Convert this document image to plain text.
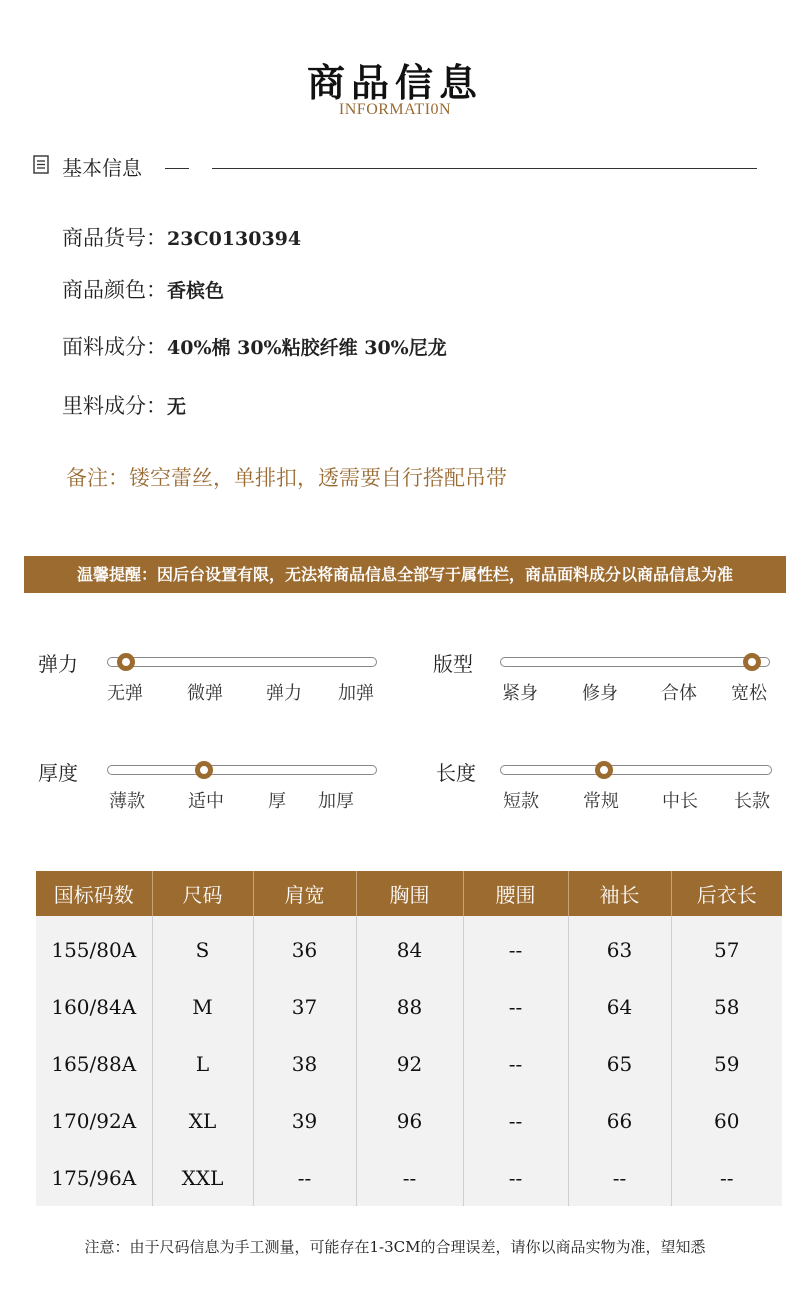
商品信息
INFORMATI0N
基本信息
商品货号：23C0130394
商品颜色：香槟色
面料成分：40%棉 30%粘胶纤维 30%尼龙
里料成分：无
备注：镂空蕾丝，单排扣，透需要自行搭配吊带
温馨提醒：因后台设置有限，无法将商品信息全部写于属性栏，商品面料成分以商品信息为准
弹力
无弹 微弹 弹力 加弹
版型
紧身 修身 合体 宽松
厚度
薄款 适中 厚 加厚
长度
短款 常规 中长 长款
国标码数	尺码	肩宽	胸围	腰围	袖长	后衣长
155/80A	S	36	84	--	63	57
160/84A	M	37	88	--	64	58
165/88A	L	38	92	--	65	59
170/92A	XL	39	96	--	66	60
175/96A	XXL	--	--	--	--	--
注意：由于尺码信息为手工测量，可能存在1-3CM的合理误差，请你以商品实物为准，望知悉
